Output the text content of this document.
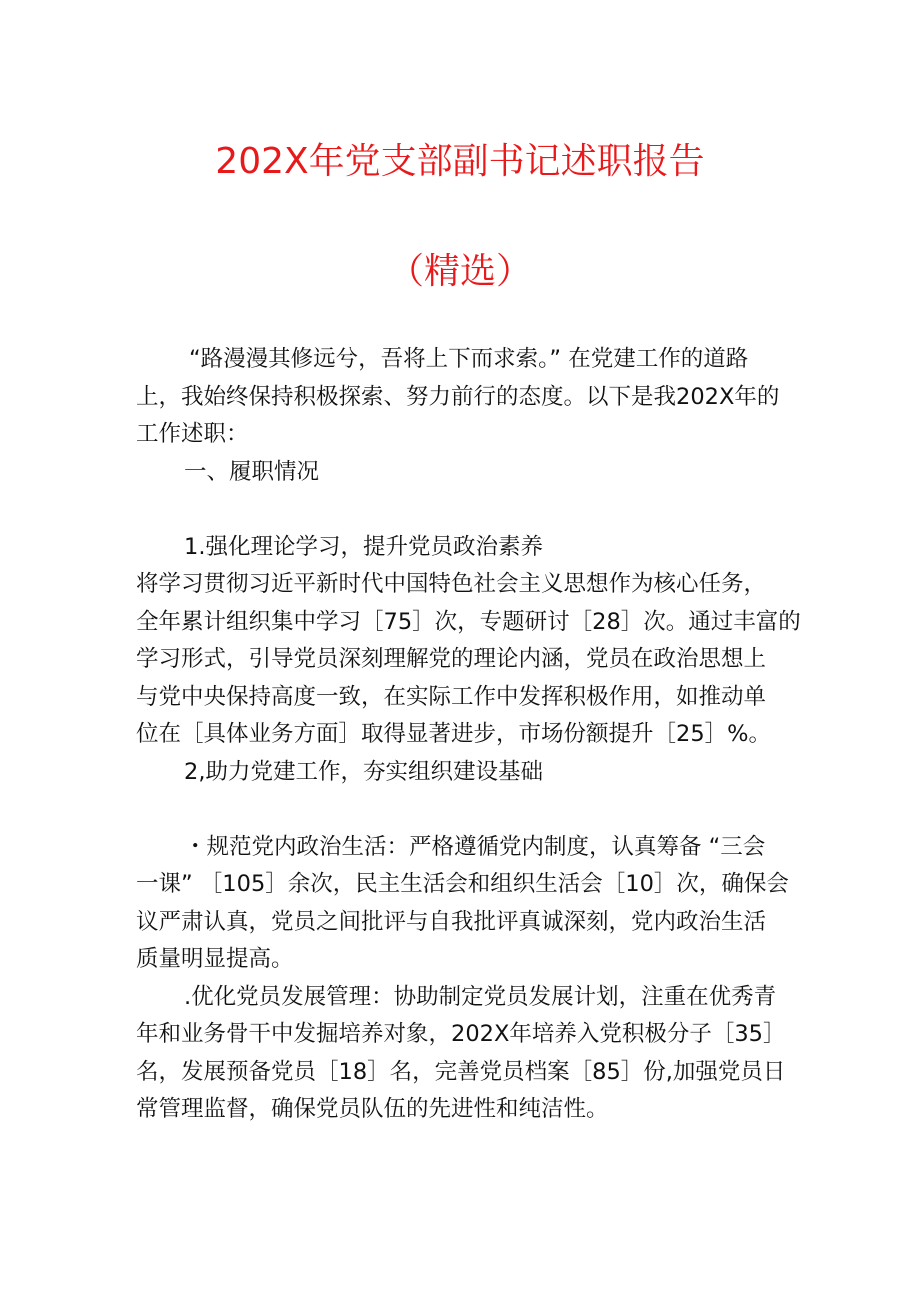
202X年党支部副书记述职报告
（精选）

“路漫漫其修远兮，吾将上下而求索。” 在党建工作的道路

上，我始终保持积极探索、努力前行的态度。以下是我202X年的

工作述职：

一、履职情况

1.强化理论学习，提升党员政治素养

将学习贯彻习近平新时代中国特色社会主义思想作为核心任务，

全年累计组织集中学习［75］次，专题研讨［28］次。通过丰富的

学习形式，引导党员深刻理解党的理论内涵，党员在政治思想上

与党中央保持高度一致，在实际工作中发挥积极作用，如推动单

位在［具体业务方面］取得显著进步，市场份额提升［25］%。

2,助力党建工作，夯实组织建设基础

・规范党内政治生活：严格遵循党内制度，认真筹备 “三会

一课” ［105］余次，民主生活会和组织生活会［10］次，确保会

议严肃认真，党员之间批评与自我批评真诚深刻，党内政治生活

质量明显提高。

.优化党员发展管理：协助制定党员发展计划，注重在优秀青

年和业务骨干中发掘培养对象，202X年培养入党积极分子［35］

名，发展预备党员［18］名，完善党员档案［85］份,加强党员日

常管理监督，确保党员队伍的先进性和纯洁性。
